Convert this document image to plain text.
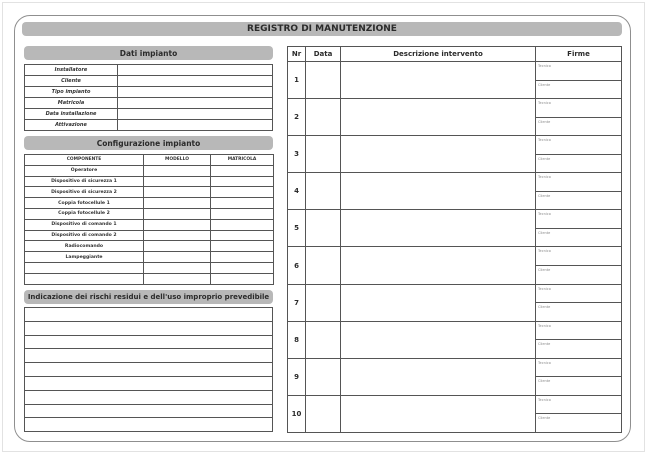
REGISTRO DI MANUTENZIONE
Dati impianto
Installatore	
Cliente	
Tipo impianto	
Matricola	
Data installazione	
Attivazione	
Configurazione impianto
COMPONENTE	MODELLO	MATRICOLA
Operatore		
Dispositivo di sicurezza 1		
Dispositivo di sicurezza 2		
Coppia fotocellule 1		
Coppia fotocellule 2		
Dispositivo di comando 1		
Dispositivo di comando 2		
Radiocomando		
Lampeggiante		

Indicazione dei rischi residui e dell'uso improprio prevedibile

Nr	Data	Descrizione intervento	Firme
1			Tecnico
			Cliente
2			Tecnico
			Cliente
3			Tecnico
			Cliente
4			Tecnico
			Cliente
5			Tecnico
			Cliente
6			Tecnico
			Cliente
7			Tecnico
			Cliente
8			Tecnico
			Cliente
9			Tecnico
			Cliente
10			Tecnico
			Cliente
